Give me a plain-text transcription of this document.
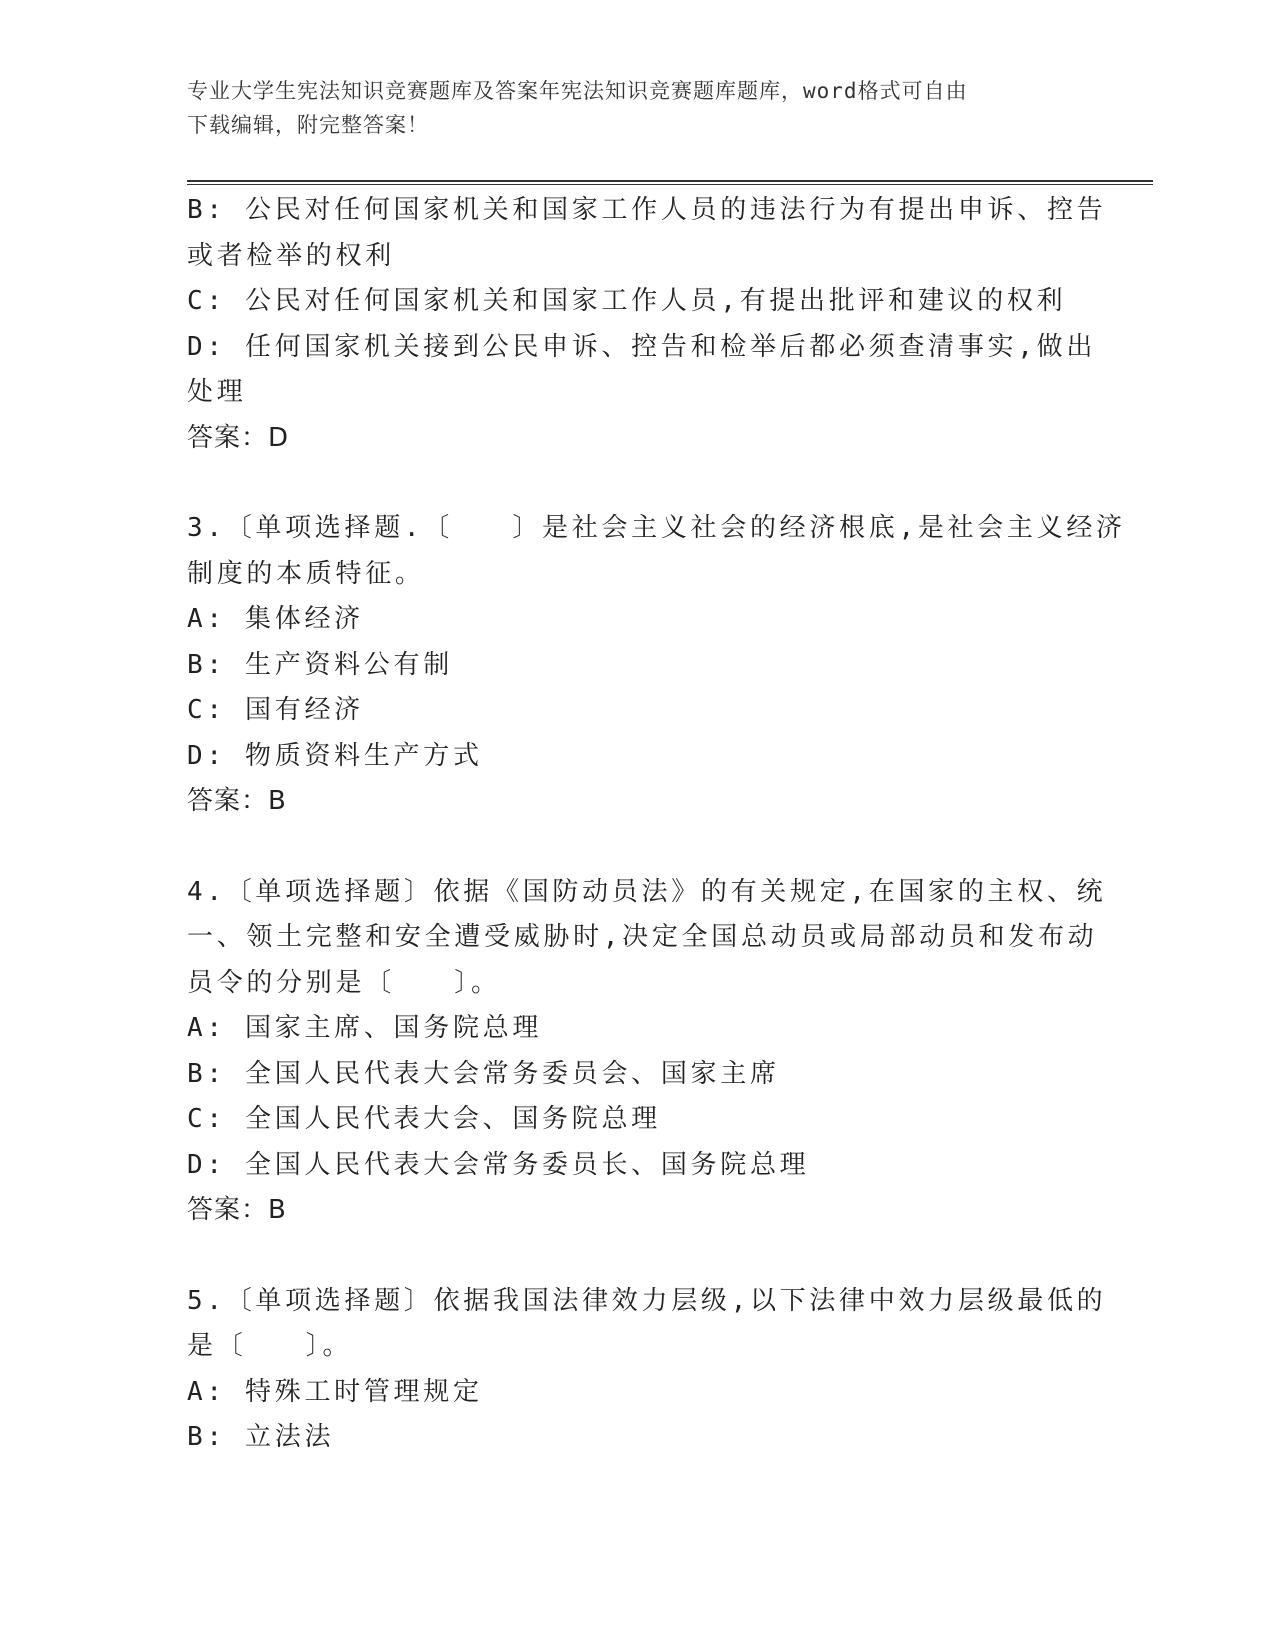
专业大学生宪法知识竞赛题库及答案年宪法知识竞赛题库题库，word格式可自由
下载编辑，附完整答案！
B: 公民对任何国家机关和国家工作人员的违法行为有提出申诉、控告
或者检举的权利
C: 公民对任何国家机关和国家工作人员,有提出批评和建议的权利
D: 任何国家机关接到公民申诉、控告和检举后都必须查清事实,做出
处理
答案：D
3.〔单项选择题.〔　　〕是社会主义社会的经济根底,是社会主义经济
制度的本质特征。
A: 集体经济
B: 生产资料公有制
C: 国有经济
D: 物质资料生产方式
答案：B
4.〔单项选择题〕依据《国防动员法》的有关规定,在国家的主权、统
一、领土完整和安全遭受威胁时,决定全国总动员或局部动员和发布动
员令的分别是〔　　〕。
A: 国家主席、国务院总理
B: 全国人民代表大会常务委员会、国家主席
C: 全国人民代表大会、国务院总理
D: 全国人民代表大会常务委员长、国务院总理
答案：B
5.〔单项选择题〕依据我国法律效力层级,以下法律中效力层级最低的
是〔　　〕。
A: 特殊工时管理规定
B: 立法法
